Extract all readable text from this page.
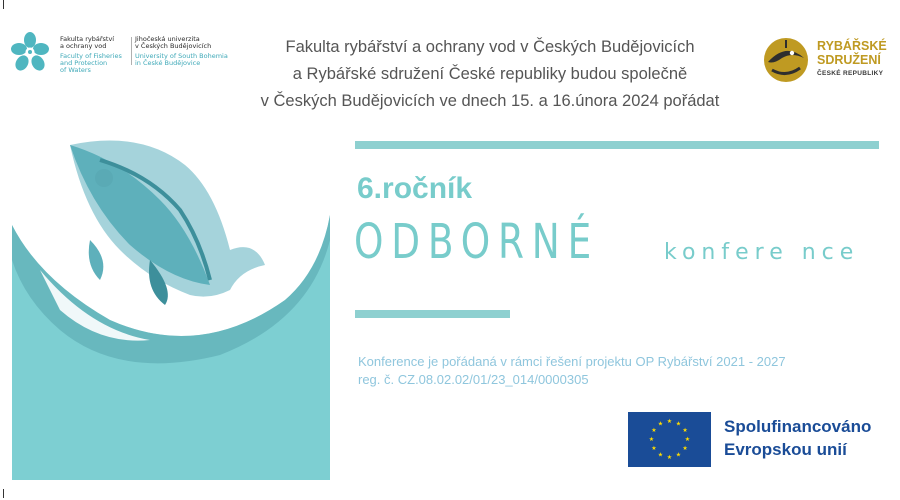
Fakulta rybářství
a ochrany vod
Faculty of Fisheries
and Protection
of Waters
Jihočeská univerzita
v Českých Budějovicích
University of South Bohemia
in České Budějovice
Fakulta rybářství a ochrany vod v Českých Budějovicích
a Rybářské sdružení České republiky budou společně
v Českých Budějovicích ve dnech 15. a 16.února 2024 pořádat
RYBÁŘSKÉ
SDRUŽENÍ
ČESKÉ REPUBLIKY
6.ročník
ODBORNÉ	konfere nce
Konference je pořádaná v rámci řešení projektu OP Rybářství 2021 - 2027
reg. č. CZ.08.02.02/01/23_014/0000305
★ ★
★
★
★
★
★
★
★
★
★
★	Spolufinancováno
Evropskou unií
